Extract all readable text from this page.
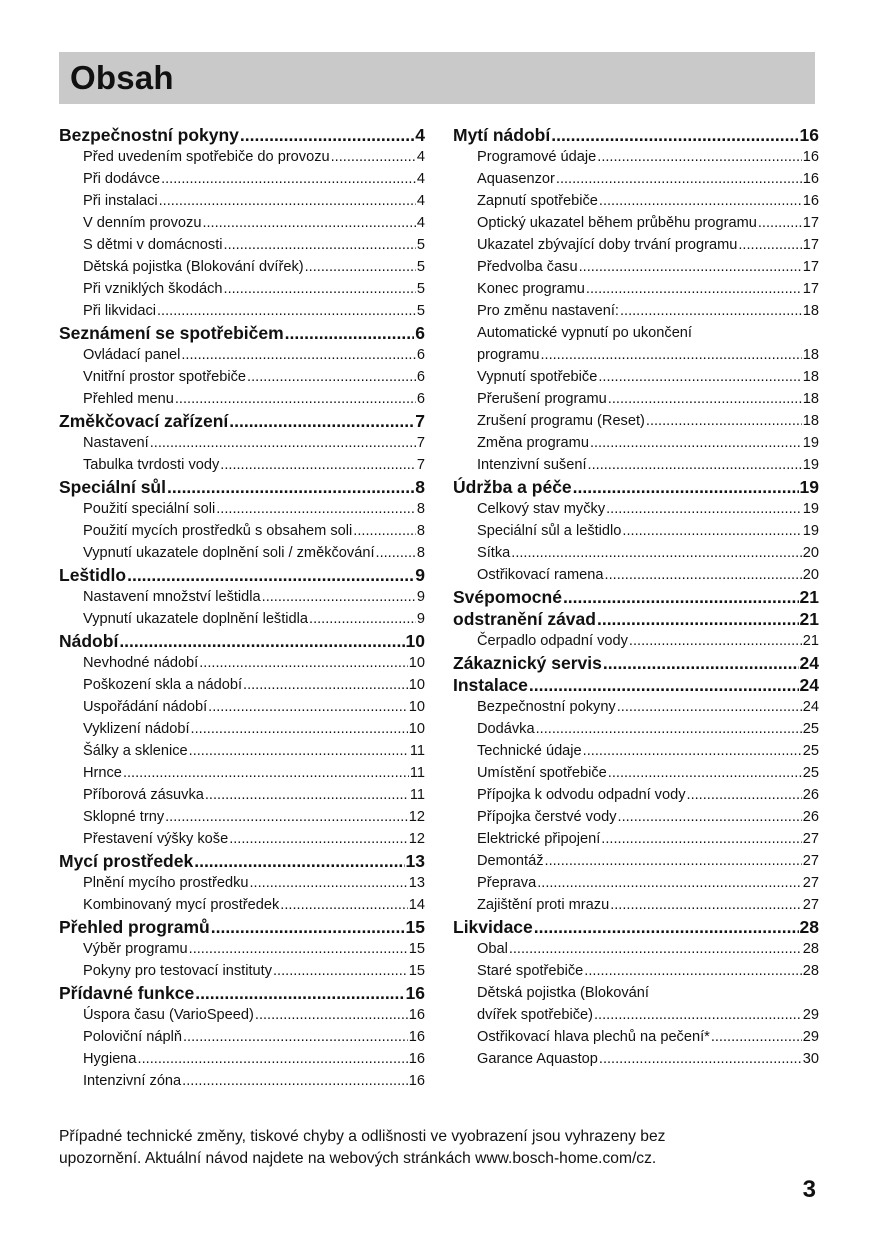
Obsah
Bezpečnostní pokyny .....	4
Před uvedením spotřebiče do provozu .....	4
Při dodávce .....	4
Při instalaci .....	4
V denním provozu .....	4
S dětmi v domácnosti .....	5
Dětská pojistka (Blokování dvířek) .....	5
Při vzniklých škodách .....	5
Při likvidaci .....	5
Seznámení se spotřebičem .....	6
Ovládací panel .....	6
Vnitřní prostor spotřebiče .....	6
Přehled menu .....	6
Změkčovací zařízení .....	7
Nastavení .....	7
Tabulka tvrdosti vody .....	7
Speciální sůl .....	8
Použití speciální soli .....	8
Použití mycích prostředků s obsahem soli .....	8
Vypnutí ukazatele doplnění soli / změkčování .....	8
Leštidlo .....	9
Nastavení množství leštidla .....	9
Vypnutí ukazatele doplnění leštidla .....	9
Nádobí .....	10
Nevhodné nádobí .....	10
Poškození skla a nádobí .....	10
Uspořádání nádobí .....	10
Vyklizení nádobí .....	10
Šálky a sklenice .....	11
Hrnce .....	11
Příborová zásuvka .....	11
Sklopné trny .....	12
Přestavení výšky koše .....	12
Mycí prostředek .....	13
Plnění mycího prostředku .....	13
Kombinovaný mycí prostředek .....	14
Přehled programů .....	15
Výběr programu .....	15
Pokyny pro testovací instituty .....	15
Přídavné funkce .....	16
Úspora času (VarioSpeed) .....	16
Poloviční náplň .....	16
Hygiena .....	16
Intenzivní zóna .....	16
Mytí nádobí .....	16
Programové údaje .....	16
Aquasenzor .....	16
Zapnutí spotřebiče .....	16
Optický ukazatel během průběhu programu .....	17
Ukazatel zbývající doby trvání programu .....	17
Předvolba času .....	17
Konec programu .....	17
Pro změnu nastavení: .....	18
Automatické vypnutí po ukončení
programu .....	18
Vypnutí spotřebiče .....	18
Přerušení programu .....	18
Zrušení programu (Reset) .....	18
Změna programu .....	19
Intenzivní sušení .....	19
Údržba a péče .....	19
Celkový stav myčky .....	19
Speciální sůl a leštidlo .....	19
Sítka .....	20
Ostřikovací ramena .....	20
Svépomocné .....	21
odstranění závad .....	21
Čerpadlo odpadní vody .....	21
Zákaznický servis .....	24
Instalace .....	24
Bezpečnostní pokyny .....	24
Dodávka .....	25
Technické údaje .....	25
Umístění spotřebiče .....	25
Přípojka k odvodu odpadní vody .....	26
Přípojka čerstvé vody .....	26
Elektrické připojení .....	27
Demontáž .....	27
Přeprava .....	27
Zajištění proti mrazu .....	27
Likvidace .....	28
Obal .....	28
Staré spotřebiče .....	28
Dětská pojistka (Blokování
dvířek spotřebiče) .....	29
Ostřikovací hlava plechů na pečení* .....	29
Garance Aquastop .....	30
Případné technické změny, tiskové chyby a odlišnosti ve vyobrazení jsou vyhrazeny bez
upozornění. Aktuální návod najdete na webových stránkách www.bosch-home.com/cz.
3
